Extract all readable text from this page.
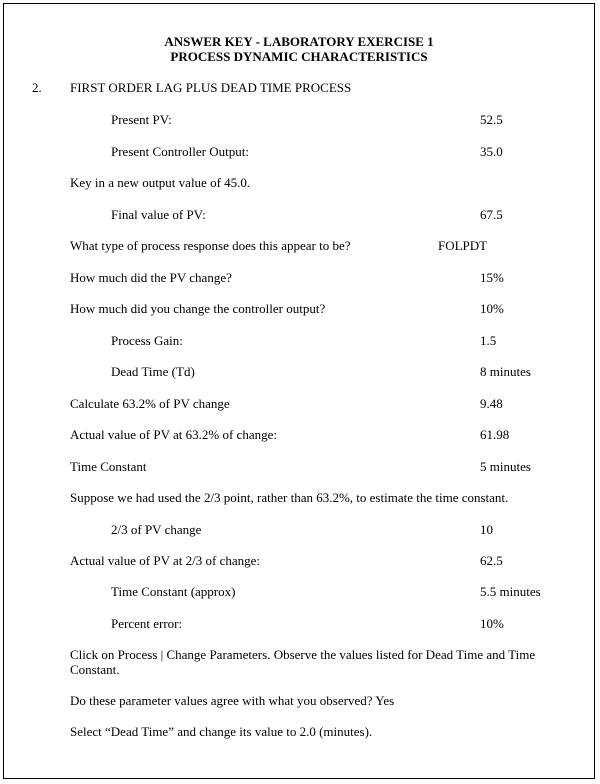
ANSWER KEY - LABORATORY EXERCISE 1
PROCESS DYNAMIC CHARACTERISTICS
2. FIRST ORDER LAG PLUS DEAD TIME PROCESS
Present PV:	52.5
Present Controller Output:	35.0
Key in a new output value of 45.0.
Final value of PV:	67.5
What type of process response does this appear to be?	FOLPDT
How much did the PV change?	15%
How much did you change the controller output?	10%
Process Gain:	1.5
Dead Time (Td)	8 minutes
Calculate 63.2% of PV change	9.48
Actual value of PV at 63.2% of change:	61.98
Time Constant	5 minutes
Suppose we had used the 2/3 point, rather than 63.2%, to estimate the time constant.
2/3 of PV change	10
Actual value of PV at 2/3 of change:	62.5
Time Constant (approx)	5.5 minutes
Percent error:	10%
Click on Process | Change Parameters. Observe the values listed for Dead Time and Time Constant.
Do these parameter values agree with what you observed? Yes
Select “Dead Time” and change its value to 2.0 (minutes).
